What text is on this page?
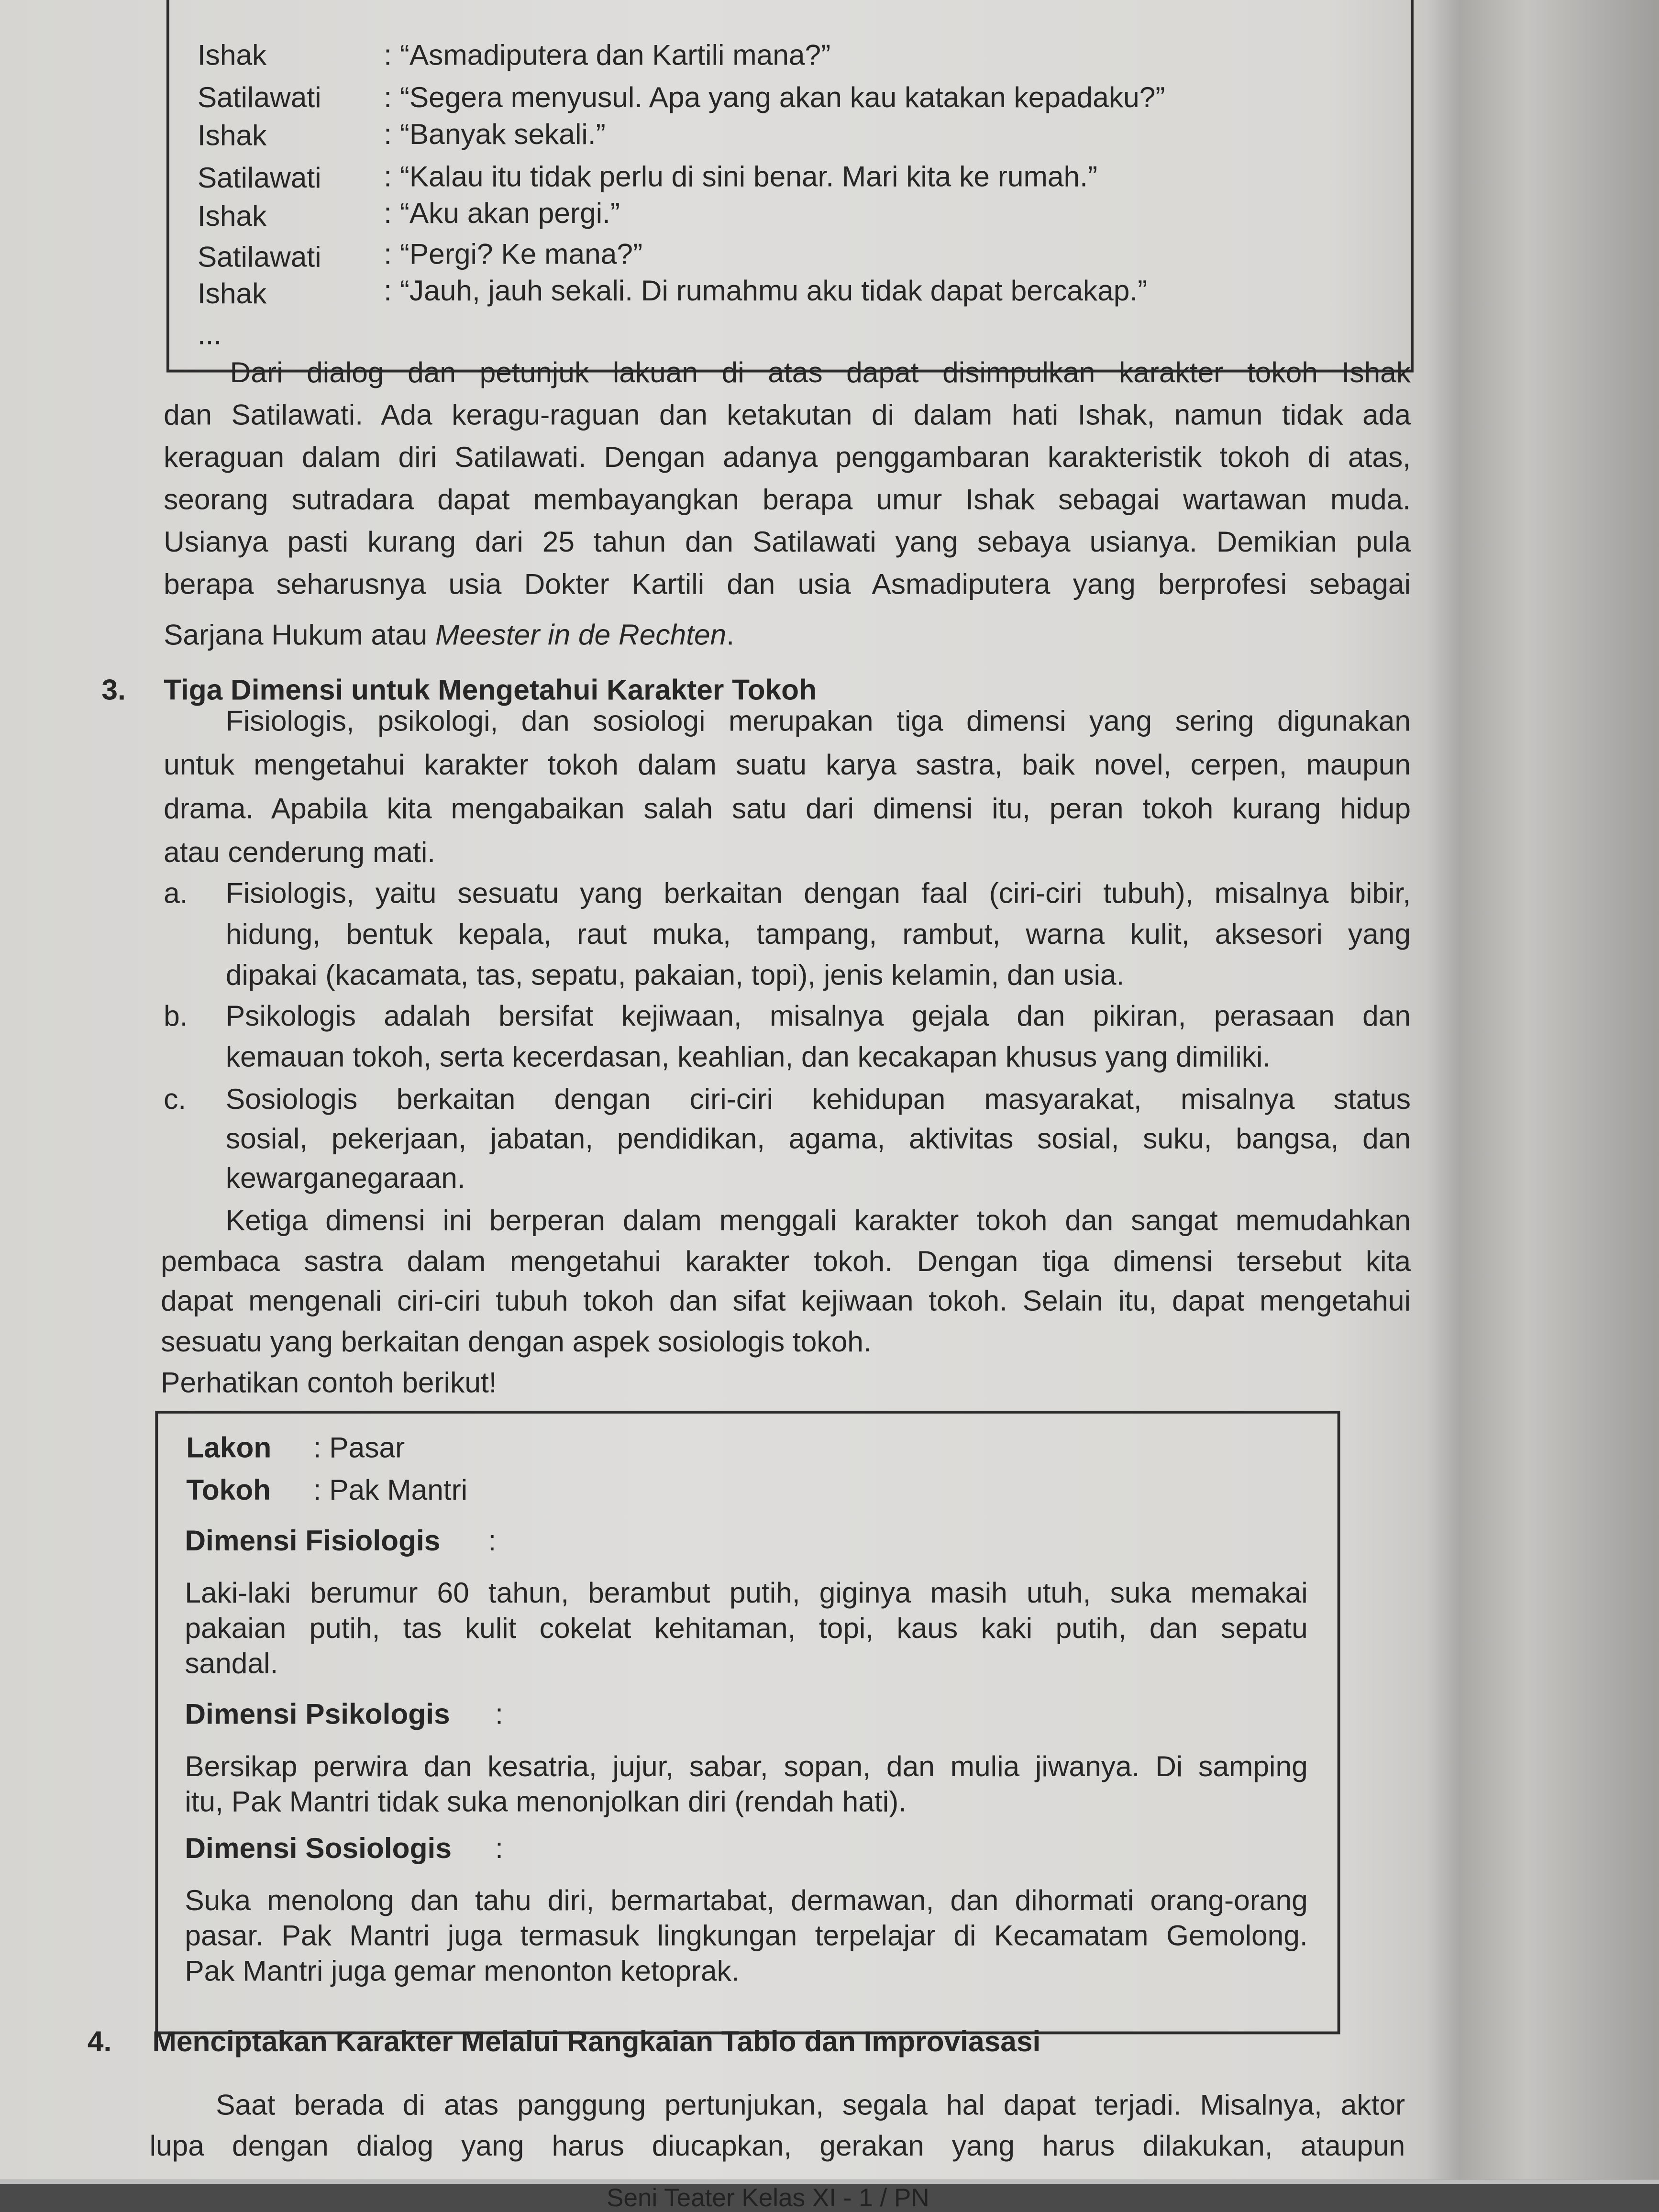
Ishak	: “Asmadiputera dan Kartili mana?”
Satilawati	: “Segera menyusul. Apa yang akan kau katakan kepadaku?”
Ishak	: “Banyak sekali.”
Satilawati	: “Kalau itu tidak perlu di sini benar. Mari kita ke rumah.”
Ishak	: “Aku akan pergi.”
Satilawati	: “Pergi? Ke mana?”
Ishak	: “Jauh, jauh sekali. Di rumahmu aku tidak dapat bercakap.”
...
Dari dialog dan petunjuk lakuan di atas dapat disimpulkan karakter tokoh Ishak
dan Satilawati. Ada keragu-raguan dan ketakutan di dalam hati Ishak, namun tidak ada
keraguan dalam diri Satilawati. Dengan adanya penggambaran karakteristik tokoh di atas,
seorang sutradara dapat membayangkan berapa umur Ishak sebagai wartawan muda.
Usianya pasti kurang dari 25 tahun dan Satilawati yang sebaya usianya. Demikian pula
berapa seharusnya usia Dokter Kartili dan usia Asmadiputera yang berprofesi sebagai
Sarjana Hukum atau Meester in de Rechten.
3.	Tiga Dimensi untuk Mengetahui Karakter Tokoh
Fisiologis, psikologi, dan sosiologi merupakan tiga dimensi yang sering digunakan
untuk mengetahui karakter tokoh dalam suatu karya sastra, baik novel, cerpen, maupun
drama. Apabila kita mengabaikan salah satu dari dimensi itu, peran tokoh kurang hidup
atau cenderung mati.
a.	Fisiologis, yaitu sesuatu yang berkaitan dengan faal (ciri-ciri tubuh), misalnya bibir,
hidung, bentuk kepala, raut muka, tampang, rambut, warna kulit, aksesori yang
dipakai (kacamata, tas, sepatu, pakaian, topi), jenis kelamin, dan usia.
b.	Psikologis adalah bersifat kejiwaan, misalnya gejala dan pikiran, perasaan dan
kemauan tokoh, serta kecerdasan, keahlian, dan kecakapan khusus yang dimiliki.
c.	Sosiologis berkaitan dengan ciri-ciri kehidupan masyarakat, misalnya status
sosial, pekerjaan, jabatan, pendidikan, agama, aktivitas sosial, suku, bangsa, dan
kewarganegaraan.
Ketiga dimensi ini berperan dalam menggali karakter tokoh dan sangat memudahkan
pembaca sastra dalam mengetahui karakter tokoh. Dengan tiga dimensi tersebut kita
dapat mengenali ciri-ciri tubuh tokoh dan sifat kejiwaan tokoh. Selain itu, dapat mengetahui
sesuatu yang berkaitan dengan aspek sosiologis tokoh.
Perhatikan contoh berikut!
Lakon	: Pasar
Tokoh	: Pak Mantri
Dimensi Fisiologis	:
Laki-laki berumur 60 tahun, berambut putih, giginya masih utuh, suka memakai
pakaian putih, tas kulit cokelat kehitaman, topi, kaus kaki putih, dan sepatu
sandal.
Dimensi Psikologis	:
Bersikap perwira dan kesatria, jujur, sabar, sopan, dan mulia jiwanya. Di samping
itu, Pak Mantri tidak suka menonjolkan diri (rendah hati).
Dimensi Sosiologis	:
Suka menolong dan tahu diri, bermartabat, dermawan, dan dihormati orang-orang
pasar. Pak Mantri juga termasuk lingkungan terpelajar di Kecamatam Gemolong.
Pak Mantri juga gemar menonton ketoprak.
4.	Menciptakan Karakter Melalui Rangkaian Tablo dan Improviasasi
Saat berada di atas panggung pertunjukan, segala hal dapat terjadi. Misalnya, aktor
lupa dengan dialog yang harus diucapkan, gerakan yang harus dilakukan, ataupun
Seni Teater Kelas XI - 1 / PN
